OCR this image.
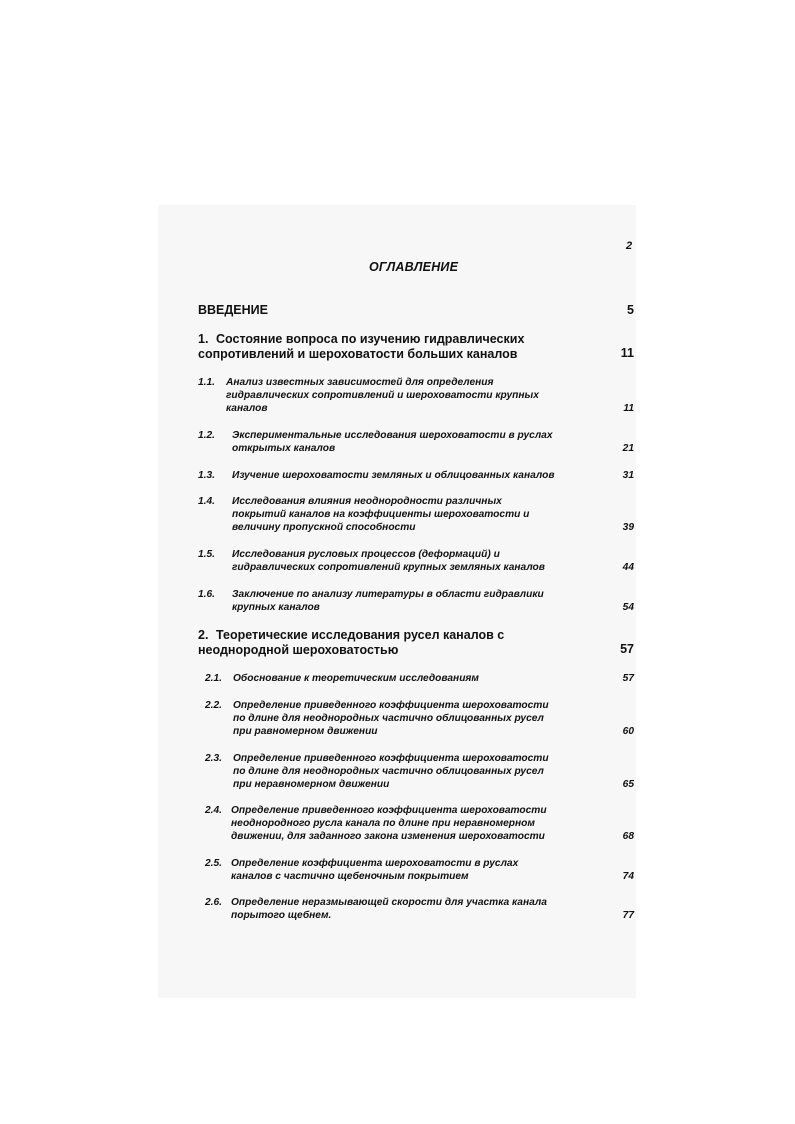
2
ОГЛАВЛЕНИЕ
ВВЕДЕНИЕ	5
1. Состояние вопроса по изучению гидравлических
сопротивлений и шероховатости больших каналов	11
1.1. Анализ известных зависимостей для определения
гидравлических сопротивлений и шероховатости крупных
каналов	11
1.2. Экспериментальные исследования шероховатости в руслах
открытых каналов	21
1.3. Изучение шероховатости земляных и облицованных каналов	31
1.4. Исследования влияния неоднородности различных
покрытий каналов на коэффициенты шероховатости и
величину пропускной способности	39
1.5. Исследования русловых процессов (деформаций) и
гидравлических сопротивлений крупных земляных каналов	44
1.6. Заключение по анализу литературы в области гидравлики
крупных каналов	54
2. Теоретические исследования русел каналов с
неоднородной шероховатостью	57
2.1. Обоснование к теоретическим исследованиям	57
2.2. Определение приведенного коэффициента шероховатости
по длине для неоднородных частично облицованных русел
при равномерном движении	60
2.3. Определение приведенного коэффициента шероховатости
по длине для неоднородных частично облицованных русел
при неравномерном движении	65
2.4. Определение приведенного коэффициента шероховатости
неоднородного русла канала по длине при неравномерном
движении, для заданного закона изменения шероховатости	68
2.5. Определение коэффициента шероховатости в руслах
каналов с частично щебеночным покрытием	74
2.6. Определение неразмывающей скорости для участка канала
порытого щебнем.	77
